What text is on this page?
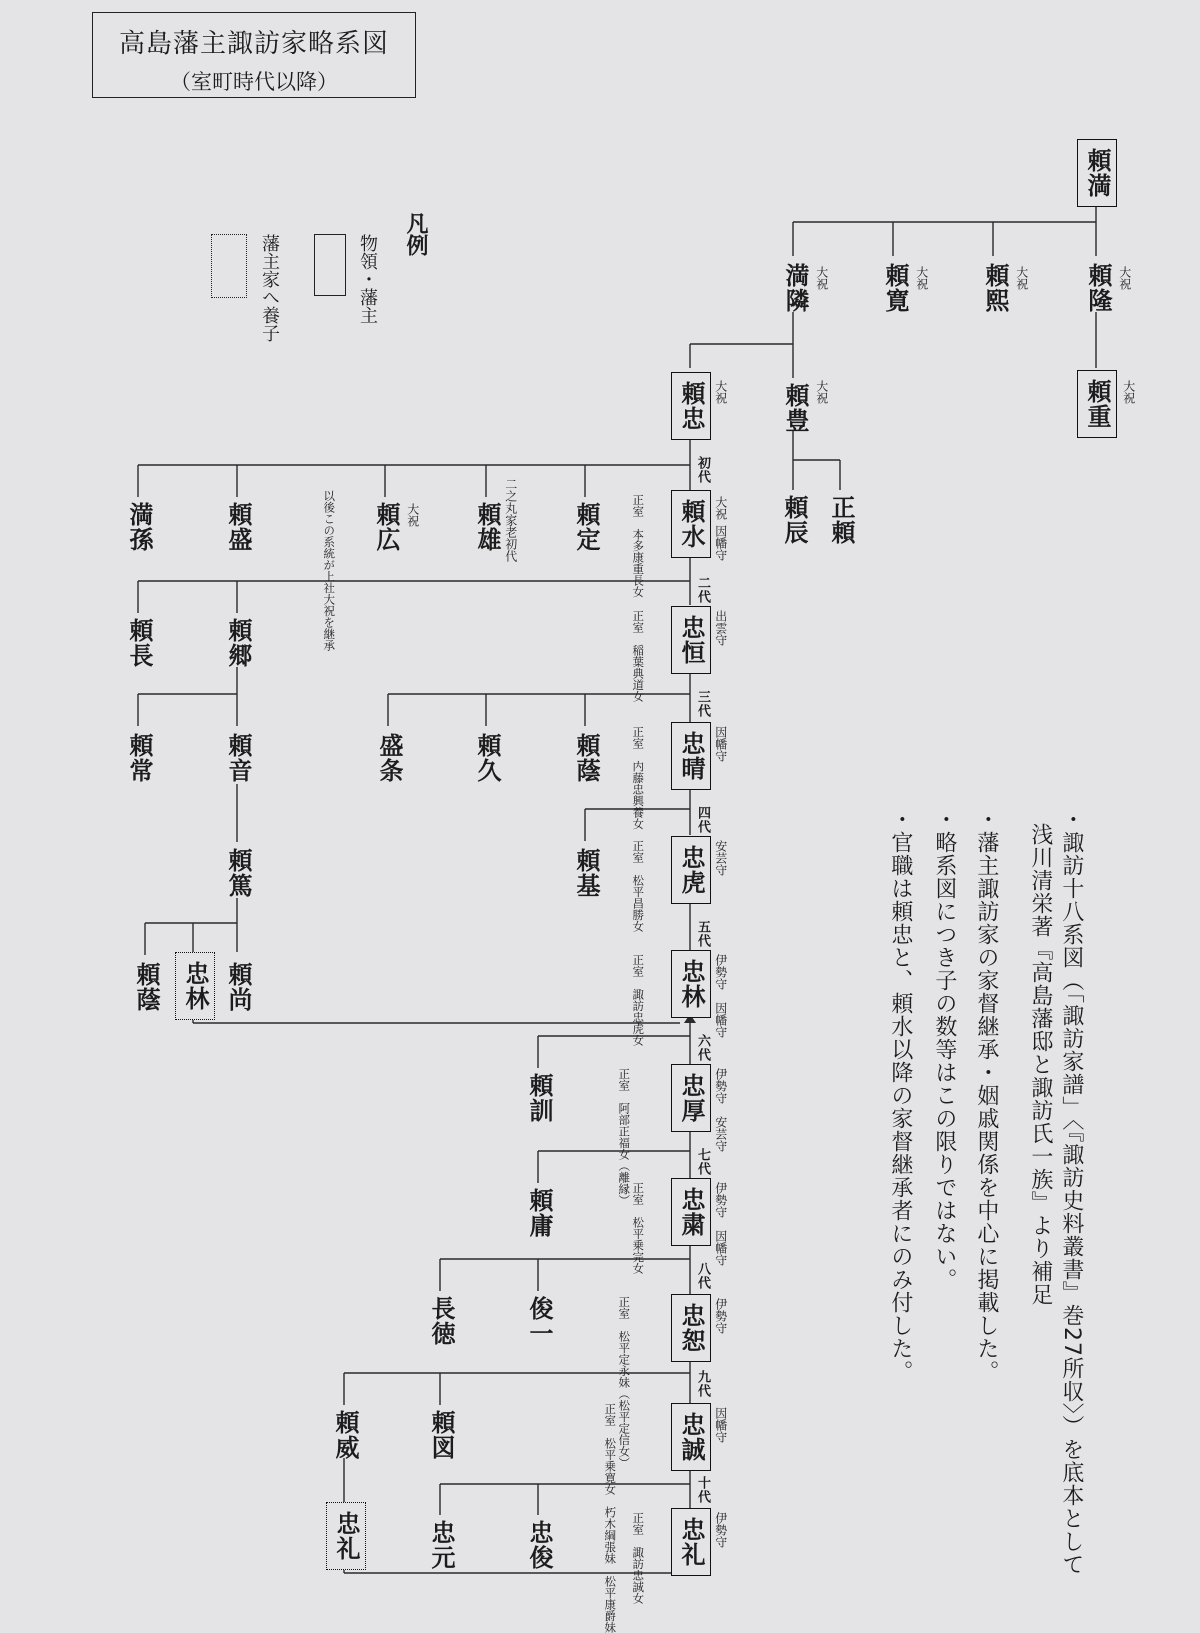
高島藩主諏訪家略系図
（室町時代以降）
凡例
物領・藩主
藩主家へ養子
・諏訪十八系図（「諏訪家譜」〈『諏訪史料叢書』巻27所収〉）を底本として
浅川清栄著『高島藩邸と諏訪氏一族』より補足
・藩主諏訪家の家督継承・姻戚関係を中心に掲載した。
・略系図につき子の数等はこの限りではない。
・官職は頼忠と、頼水以降の家督継承者にのみ付した。
頼満
頼隆 大祝
頼熙 大祝
頼寛 大祝
満隣 大祝
頼重 大祝
頼忠 大祝 頼豊 大祝
頼辰 正頼
初代
頼水 大祝
因幡守
正室　本多康重長女
頼定
頼雄 二之丸家老初代
頼広 大祝
以後この系統が上社大祝を継承
頼盛
満孫
二代
忠恒 出雲守
正室　稲葉典道女
頼長	頼郷
三代
忠晴 因幡守
正室　内藤忠興養女
頼蔭
頼久
盛条
頼常	頼音
四代
忠虎 安芸守
正室　松平昌勝女
頼基
頼篤
五代
忠林 伊勢守　因幡守
正室　諏訪忠虎女
頼蔭 忠林 頼尚
六代
忠厚 伊勢守　安芸守
正室　阿部正福女（離縁）
頼訓
七代
忠粛 伊勢守　因幡守
正室　松平乗完女
頼庸
八代
忠恕 伊勢守
正室　松平定永妹（松平定信女）
俊一
長徳
九代
忠誠 因幡守
正室　松平乗寛女　朽木綱張妹　松平康爵妹
頼図
頼威
十代
忠礼 伊勢守
正室　諏訪忠誠女
忠俊
忠元
忠礼
